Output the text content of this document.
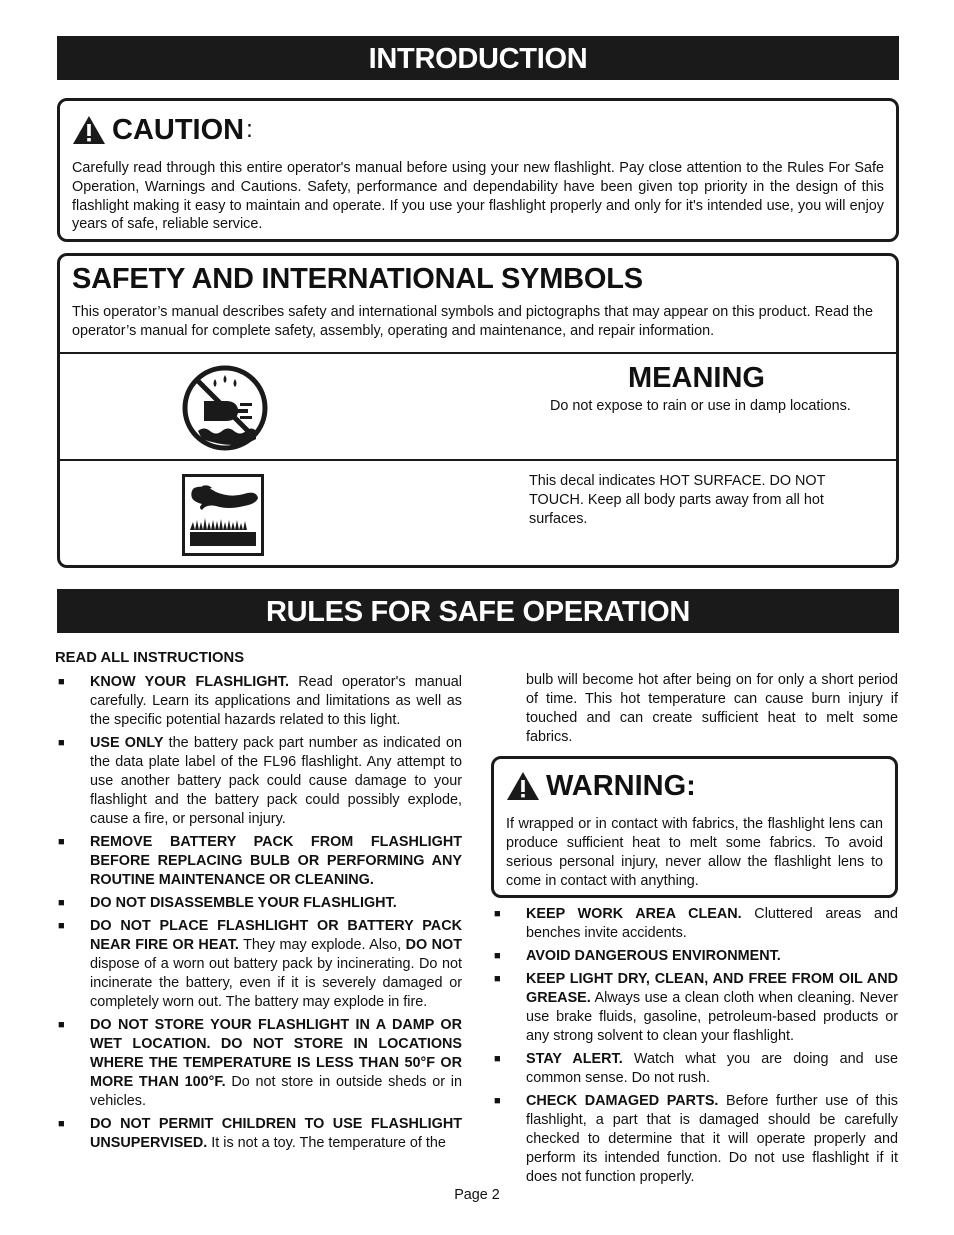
INTRODUCTION
CAUTION :
Carefully read through this entire operator's manual before using your new flashlight. Pay close attention to the Rules For Safe Operation, Warnings and Cautions. Safety, performance and dependability have been given top priority in the design of this flashlight making it easy to maintain and operate. If you use your flashlight properly and only for it's intended use, you will enjoy years of safe, reliable service.
SAFETY AND INTERNATIONAL SYMBOLS
This operator’s manual describes safety and international symbols and pictographs that may appear on this product. Read the operator’s manual for complete safety, assembly, operating and maintenance, and repair information.
MEANING
Do not expose to rain or use in damp locations.
This decal indicates HOT SURFACE. DO NOT TOUCH. Keep all body parts away from all hot surfaces.
RULES FOR SAFE OPERATION
READ ALL INSTRUCTIONS
■ KNOW YOUR FLASHLIGHT. Read operator's manual carefully. Learn its applications and limitations as well as the specific potential hazards related to this light.
■ USE ONLY the battery pack part number as indicated on the data plate label of the FL96 flashlight. Any attempt to use another battery pack could cause damage to your flashlight and the battery pack could possibly explode, cause a fire, or personal injury.
■ REMOVE BATTERY PACK FROM FLASHLIGHT BEFORE REPLACING BULB OR PERFORMING ANY ROUTINE MAINTENANCE OR CLEANING.
■ DO NOT DISASSEMBLE YOUR FLASHLIGHT.
■ DO NOT PLACE FLASHLIGHT OR BATTERY PACK NEAR FIRE OR HEAT. They may explode. Also, DO NOT dispose of a worn out battery pack by incinerating. Do not incinerate the battery, even if it is severely damaged or completely worn out. The battery may explode in fire.
■ DO NOT STORE YOUR FLASHLIGHT IN A DAMP OR WET LOCATION. DO NOT STORE IN LOCATIONS WHERE THE TEMPERATURE IS LESS THAN 50°F OR MORE THAN 100°F. Do not store in outside sheds or in vehicles.
■ DO NOT PERMIT CHILDREN TO USE FLASHLIGHT UNSUPERVISED. It is not a toy. The temperature of the
bulb will become hot after being on for only a short period of time. This hot temperature can cause burn injury if touched and can create sufficient heat to melt some fabrics.
WARNING:
If wrapped or in contact with fabrics, the flashlight lens can produce sufficient heat to melt some fabrics. To avoid serious personal injury, never allow the flashlight lens to come in contact with anything.
■ KEEP WORK AREA CLEAN. Cluttered areas and benches invite accidents.
■ AVOID DANGEROUS ENVIRONMENT.
■ KEEP LIGHT DRY, CLEAN, AND FREE FROM OIL AND GREASE. Always use a clean cloth when cleaning. Never use brake fluids, gasoline, petroleum-based products or any strong solvent to clean your flashlight.
■ STAY ALERT. Watch what you are doing and use common sense. Do not rush.
■ CHECK DAMAGED PARTS. Before further use of this flashlight, a part that is damaged should be carefully checked to determine that it will operate properly and perform its intended function. Do not use flashlight if it does not function properly.
Page 2
